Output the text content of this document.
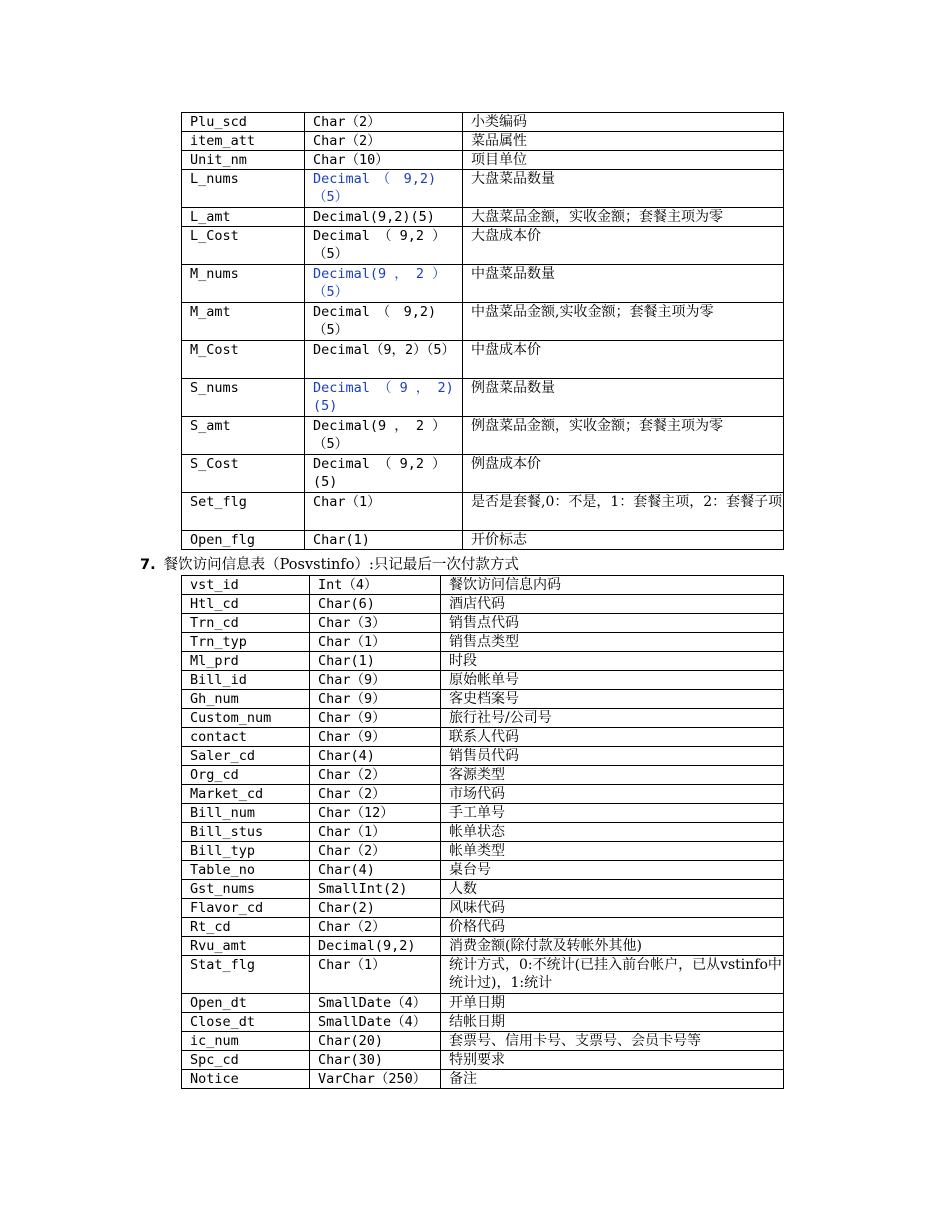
Plu_scd	Char（2）	小类编码
item_att	Char（2）	菜品属性
Unit_nm	Char（10）	项目单位
L_nums	Decimal　（　9,2)（5）	大盘菜品数量
L_amt	Decimal(9,2)(5)	大盘菜品金额，实收金额；套餐主项为零
L_Cost	Decimal （ 9,2 ）（5）	大盘成本价
M_nums	Decimal(9 ， 2 ）（5）	中盘菜品数量
M_amt	Decimal　（　9,2)（5）	中盘菜品金额,实收金额；套餐主项为零
M_Cost	Decimal（9，2）（5）	中盘成本价
S_nums	Decimal （ 9 ， 2)(5)	例盘菜品数量
S_amt	Decimal(9 ， 2 ）（5）	例盘菜品金额，实收金额；套餐主项为零
S_Cost	Decimal （ 9,2 ）(5)	例盘成本价
Set_flg	Char（1）	是否是套餐,0：不是，1：套餐主项，2：套餐子项
Open_flg	Char(1)	开价标志
7. 餐饮访问信息表（Posvstinfo）:只记最后一次付款方式
vst_id	Int（4）	餐饮访问信息内码
Htl_cd	Char(6)	酒店代码
Trn_cd	Char（3）	销售点代码
Trn_typ	Char（1）	销售点类型
Ml_prd	Char(1)	时段
Bill_id	Char（9）	原始帐单号
Gh_num	Char（9）	客史档案号
Custom_num	Char（9）	旅行社号/公司号
contact	Char（9）	联系人代码
Saler_cd	Char(4)	销售员代码
Org_cd	Char（2）	客源类型
Market_cd	Char（2）	市场代码
Bill_num	Char（12）	手工单号
Bill_stus	Char（1）	帐单状态
Bill_typ	Char（2）	帐单类型
Table_no	Char(4)	桌台号
Gst_nums	SmallInt(2)	人数
Flavor_cd	Char(2)	风味代码
Rt_cd	Char（2）	价格代码
Rvu_amt	Decimal(9,2)	消费金额(除付款及转帐外其他)
Stat_flg	Char（1）	统计方式，0:不统计(已挂入前台帐户，已从vstinfo中统计过)，1:统计
Open_dt	SmallDate（4）	开单日期
Close_dt	SmallDate（4）	结帐日期
ic_num	Char(20)	套票号、信用卡号、支票号、会员卡号等
Spc_cd	Char(30)	特别要求
Notice	VarChar（250）	备注
